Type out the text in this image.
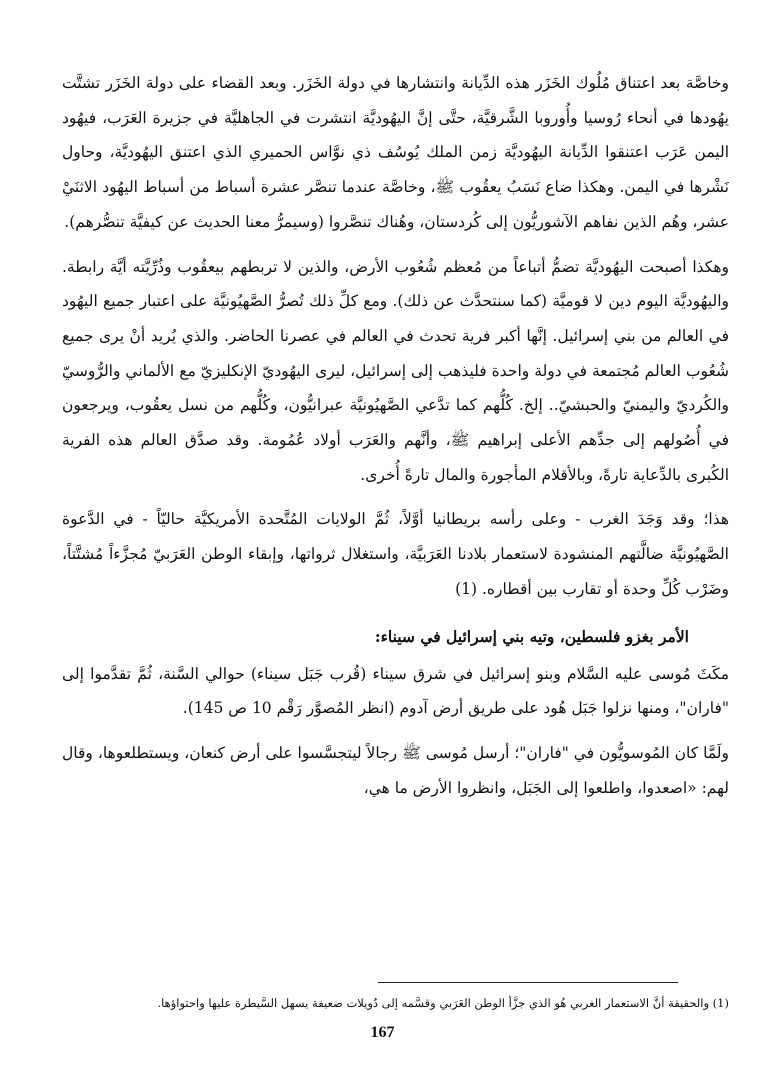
وخاصَّة بعد اعتناق مُلُوك الخَزَر هذه الدِّيانة وانتشارها في دولة الخَزَر. وبعد القضاء على دولة الخَزَر تشتَّت يهُودها في أنحاء رُوسيا وأُوروبا الشَّرقيَّة، حتَّى إنَّ اليهُوديَّة انتشرت في الجاهليَّة في جزيرة العَرَب، فيهُود اليمن عَرَب اعتنقوا الدِّيانة اليهُوديَّة زمن الملك يُوسُف ذي نوَّاس الحميري الذي اعتنق اليهُوديَّة، وحاول نَشْرها في اليمن. وهكذا ضاع نَسَبُ يعقُوب ﷺ، وخاصَّة عندما تنصَّر عشرة أسباط من أسباط اليهُود الاثنَيْ عشر، وهُم الذين نفاهم الآشوريُّون إلى كُردستان، وهُناك تنصَّروا (وسيمرُّ معنا الحديث عن كيفيَّة تنصُّرهم).

وهكذا أصبحت اليهُوديَّة تضمُّ أتباعاً من مُعظم شُعُوب الأرض، والذين لا تربطهم بيعقُوب وذُرِّيَّته أيَّة رابطة. واليهُوديَّة اليوم دين لا قوميَّة (كما سنتحدَّث عن ذلك). ومع كلِّ ذلك تُصرُّ الصَّهيُونيَّة على اعتبار جميع اليهُود في العالم من بني إسرائيل. إنَّها أكبر فرية تحدث في العالم في عصرنا الحاضر. والذي يُريد أنْ يرى جميع شُعُوب العالم مُجتمعة في دولة واحدة فليذهب إلى إسرائيل، ليرى اليهُوديّ الإنكليزيّ مع الألماني والرُّوسيّ والكُرديّ واليمنيّ والحبشيّ.. إلخ. كُلُّهم كما تدَّعي الصَّهيُونيَّة عبرانيُّون، وكُلُّهم من نسل يعقُوب، ويرجعون في أُصُولهم إلى جدِّهم الأعلى إبراهيم ﷺ، وأنَّهم والعَرَب أولاد عُمُومة. وقد صدَّق العالم هذه الفرية الكُبرى بالدِّعاية تارةً، وبالأقلام المأجورة والمال تارةً أُخرى.

هذا؛ وقد وَجَدَ الغرب - وعلى رأسه بريطانيا أوَّلاً، ثُمَّ الولايات المُتَّحدة الأمريكيَّة حاليّاً - في الدَّعوة الصَّهيُونيَّة ضالَّتهم المنشودة لاستعمار بلادنا العَرَبيَّة، واستغلال ثرواتها، وإبقاء الوطن العَرَبيّ مُجزَّءاً مُشتَّتاً، وضَرْب كُلِّ وحدة أو تقارب بين أقطاره. (1)

الأمر بغزو فلسطين، وتيه بني إسرائيل في سيناء:

مكَثَ مُوسى عليه السَّلام وبنو إسرائيل في شرق سيناء (قُرب جَبَل سيناء) حوالي السَّنة، ثُمَّ تقدَّموا إلى "فاران"، ومنها نزلوا جَبَل هُود على طريق أرض آدوم (انظر المُصوَّر رَقْم 10 ص 145).

ولَمَّا كان المُوسويُّون في "فاران"؛ أرسل مُوسى ﷺ رجالاً ليتجسَّسوا على أرض كنعان، ويستطلعوها، وقال لهم: «اصعدوا، واطلعوا إلى الجَبَل، وانظروا الأرض ما هي،

(1) والحقيقة أنَّ الاستعمار الغربي هُو الذي جزَّأ الوطن العَرَبي وقسَّمه إلى دُويلات ضعيفة يسهل السَّيطرة عليها واحتواؤها.
167
